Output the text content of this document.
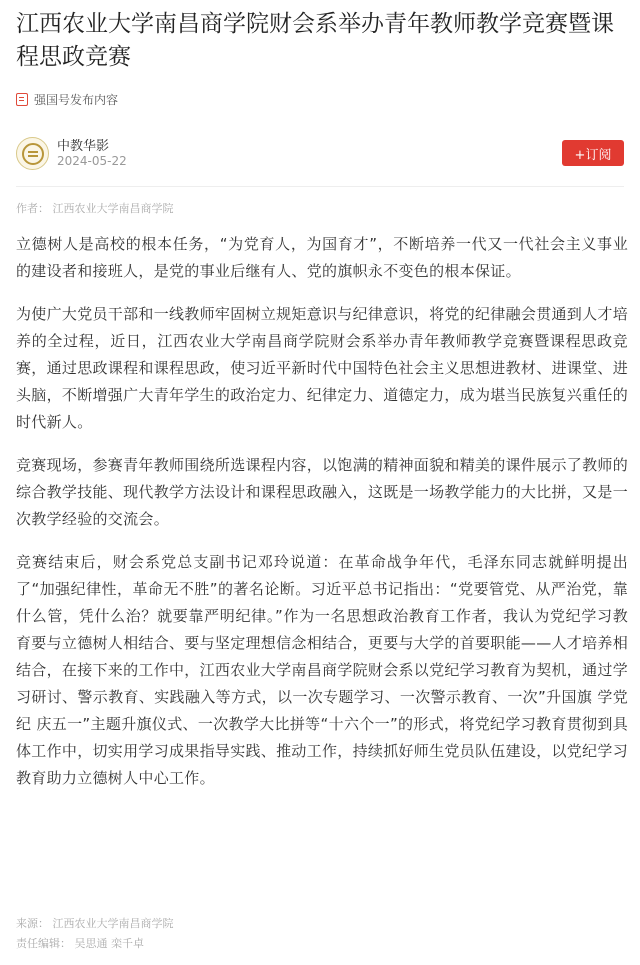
江西农业大学南昌商学院财会系举办青年教师教学竞赛暨课程思政竞赛
强国号发布内容
中教华影
2024-05-22	+订阅
作者： 江西农业大学南昌商学院

立德树人是高校的根本任务，“为党育人，为国育才”，不断培养一代又一代社会主义事业的建设者和接班人，是党的事业后继有人、党的旗帜永不变色的根本保证。

为使广大党员干部和一线教师牢固树立规矩意识与纪律意识，将党的纪律融会贯通到人才培养的全过程，近日，江西农业大学南昌商学院财会系举办青年教师教学竞赛暨课程思政竞赛，通过思政课程和课程思政，使习近平新时代中国特色社会主义思想进教材、进课堂、进头脑，不断增强广大青年学生的政治定力、纪律定力、道德定力，成为堪当民族复兴重任的时代新人。

竞赛现场，参赛青年教师围绕所选课程内容，以饱满的精神面貌和精美的课件展示了教师的综合教学技能、现代教学方法设计和课程思政融入，这既是一场教学能力的大比拼，又是一次教学经验的交流会。

竞赛结束后，财会系党总支副书记邓玲说道：在革命战争年代，毛泽东同志就鲜明提出了“加强纪律性，革命无不胜”的著名论断。习近平总书记指出：“党要管党、从严治党，靠什么管，凭什么治？就要靠严明纪律。”作为一名思想政治教育工作者，我认为党纪学习教育要与立德树人相结合、要与坚定理想信念相结合，更要与大学的首要职能——人才培养相结合，在接下来的工作中，江西农业大学南昌商学院财会系以党纪学习教育为契机，通过学习研讨、警示教育、实践融入等方式，以一次专题学习、一次警示教育、一次”升国旗 学党纪 庆五一”主题升旗仪式、一次教学大比拼等“十六个一”的形式，将党纪学习教育贯彻到具体工作中，切实用学习成果指导实践、推动工作，持续抓好师生党员队伍建设，以党纪学习教育助力立德树人中心工作。

来源： 江西农业大学南昌商学院
责任编辑： 吴思通 栾千卓
